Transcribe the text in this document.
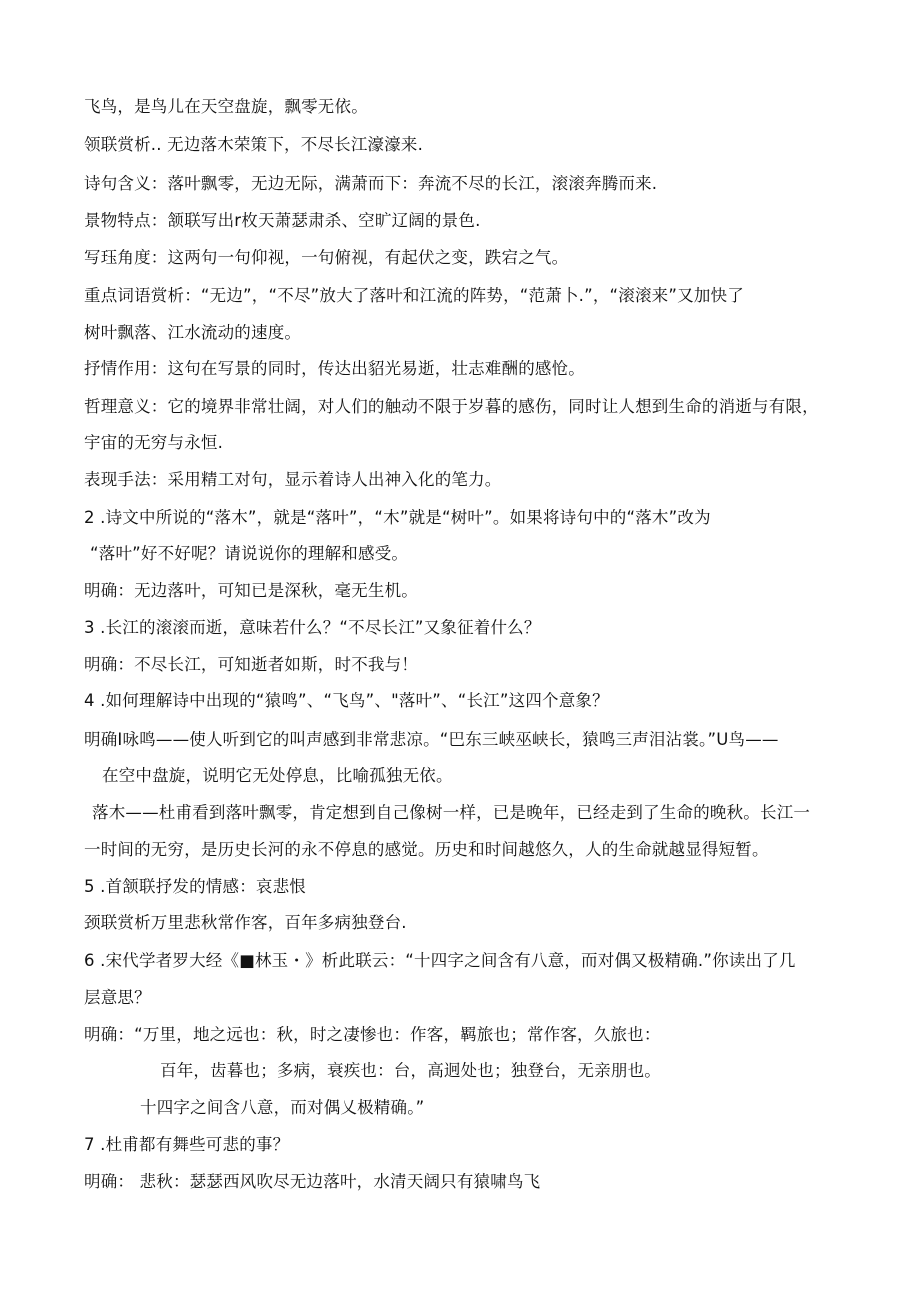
飞鸟，是鸟儿在天空盘旋，飘零无依。
领联赏析.. 无边落木荣策下，不尽长江濠濠来.
诗句含义：落叶飘零，无边无际，满萧而下：奔流不尽的长江，滚滚奔腾而来.
景物特点：颔联写出r枚天萧瑟肃杀、空旷辽阔的景色.
写珏角度：这两句一句仰视，一句俯视，有起伏之变，跌宕之气。
重点词语赏析：“无边”，“不尽”放大了落叶和江流的阵势，“范萧卜.”，“滚滚来”又加快了
树叶飘落、江水流动的速度。
抒情作用：这句在写景的同时，传达出貂光易逝，壮志难酬的感怆。
哲理意义：它的境界非常壮阔，对人们的触动不限于岁暮的感伤，同时让人想到生命的消逝与有限，
宇宙的无穷与永恒.
表现手法：采用精工对句，显示着诗人出神入化的笔力。
2 .诗文中所说的“落木”，就是“落叶”，“木”就是“树叶”。如果将诗句中的“落木”改为
“落叶”好不好呢？请说说你的理解和感受。
明确：无边落叶，可知已是深秋，毫无生机。
3 .长江的滚滚而逝，意味若什么？“不尽长江”又象征着什么？
明确：不尽长江，可知逝者如斯，时不我与！
4 .如何理解诗中出现的“猿鸣”、“飞鸟”、"落叶”、“长江”这四个意象？
明确I咏鸣——使人听到它的叫声感到非常悲凉。“巴东三峡巫峡长，猿鸣三声泪沾裳。”U鸟——
在空中盘旋，说明它无处停息，比喻孤独无依。
落木——杜甫看到落叶飘零，肯定想到自己像树一样，已是晚年，已经走到了生命的晚秋。长江一
一时间的无穷，是历史长河的永不停息的感觉。历史和时间越悠久，人的生命就越显得短暂。
5 .首颔联抒发的情感：哀悲恨
颈联赏析万里悲秋常作客，百年多病独登台.
6 .宋代学者罗大经《■林玉・》析此联云：“十四字之间含有八意，而对偶又极精确.”你读出了几
层意思？
明确：“万里，地之远也：秋，时之凄惨也：作客，羁旅也；常作客，久旅也：
百年，齿暮也；多病，衰疾也：台，高迥处也；独登台，无亲朋也。
十四字之间含八意，而对偶乂极精确。”
7 .杜甫都有舞些可悲的事？
明确： 悲秋：瑟瑟西风吹尽无边落叶，水清天阔只有猿啸鸟飞
